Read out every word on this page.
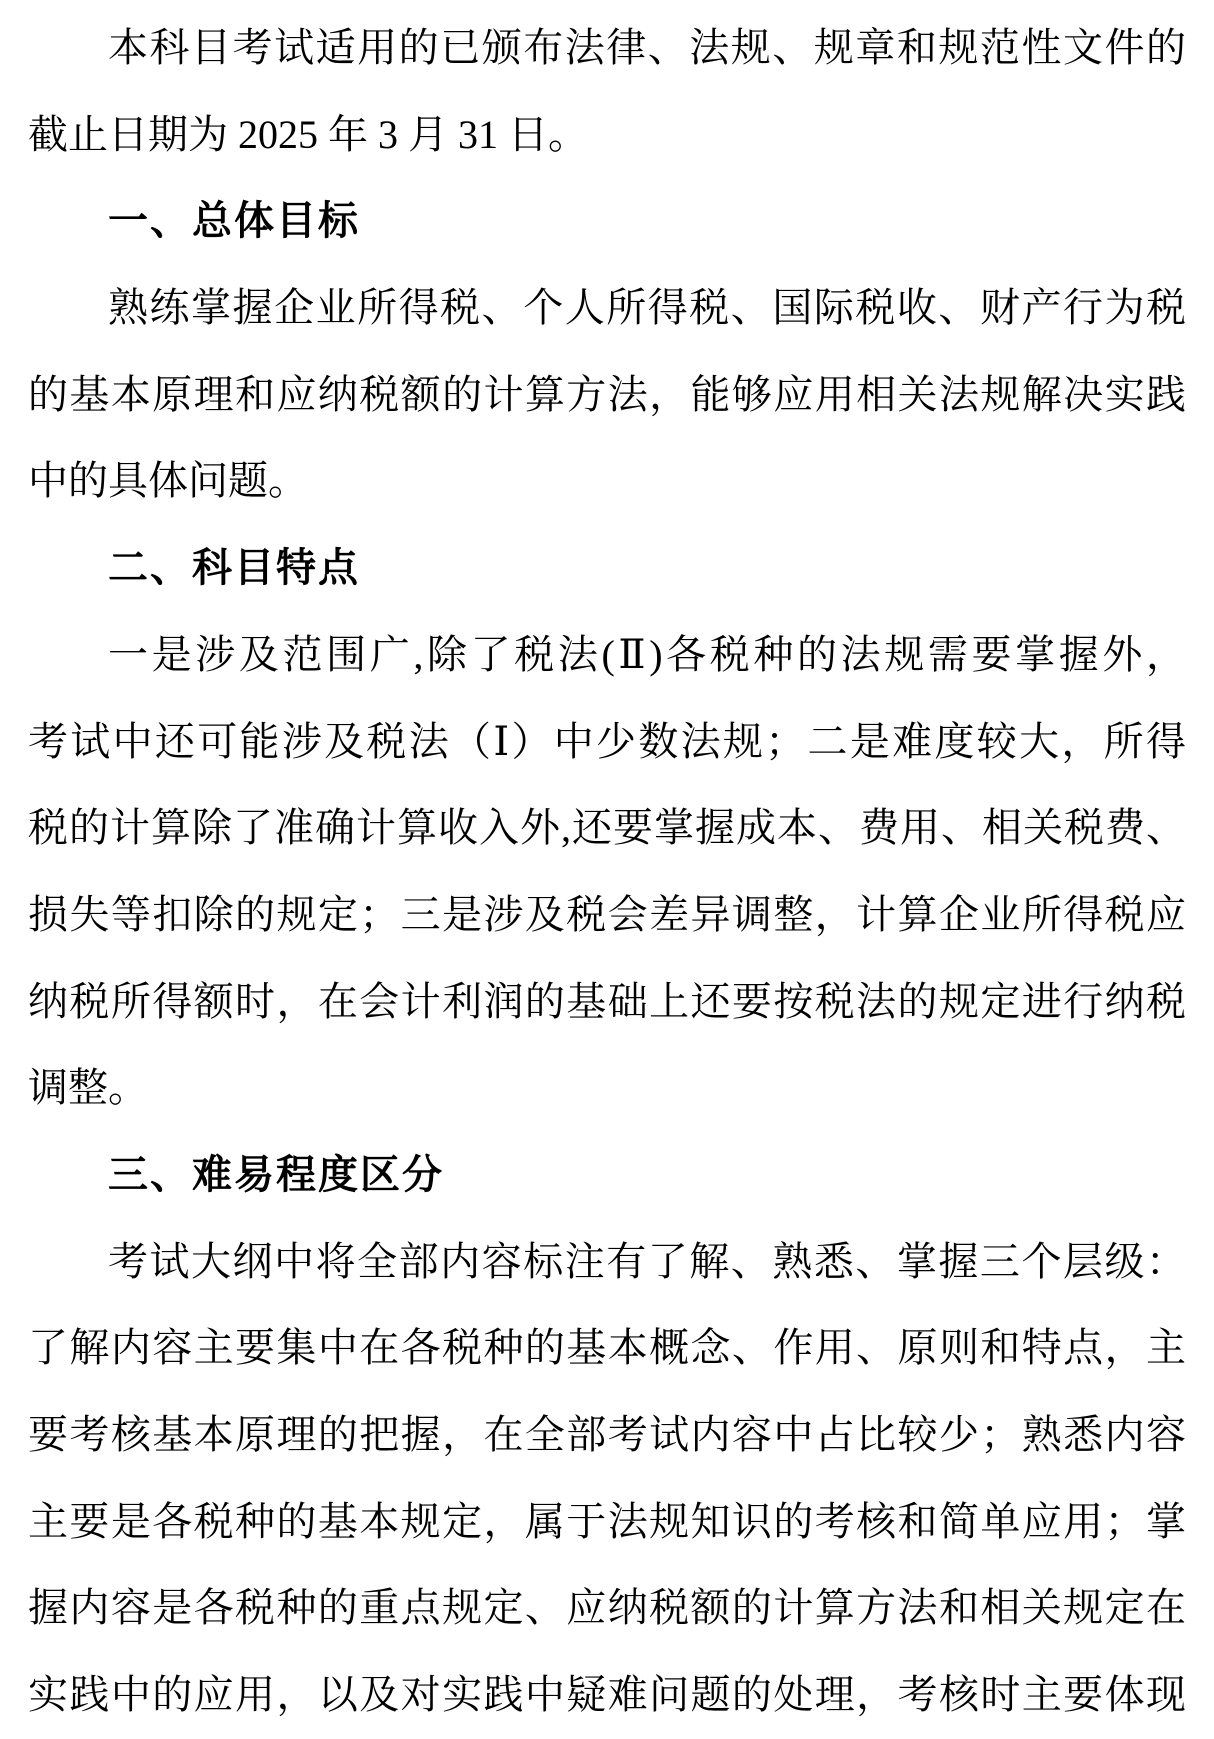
本科目考试适用的已颁布法律、法规、规章和规范性文件的
截止日期为 2025 年 3 月 31 日。
一、总体目标
熟练掌握企业所得税、个人所得税、国际税收、财产行为税
的基本原理和应纳税额的计算方法，能够应用相关法规解决实践
中的具体问题。
二、科目特点
一是涉及范围广,除了税法(Ⅱ)各税种的法规需要掌握外，
考试中还可能涉及税法（Ⅰ）中少数法规；二是难度较大，所得
税的计算除了准确计算收入外,还要掌握成本、费用、相关税费、
损失等扣除的规定；三是涉及税会差异调整，计算企业所得税应
纳税所得额时，在会计利润的基础上还要按税法的规定进行纳税
调整。
三、难易程度区分
考试大纲中将全部内容标注有了解、熟悉、掌握三个层级：
了解内容主要集中在各税种的基本概念、作用、原则和特点，主
要考核基本原理的把握，在全部考试内容中占比较少；熟悉内容
主要是各税种的基本规定，属于法规知识的考核和简单应用；掌
握内容是各税种的重点规定、应纳税额的计算方法和相关规定在
实践中的应用，以及对实践中疑难问题的处理，考核时主要体现
